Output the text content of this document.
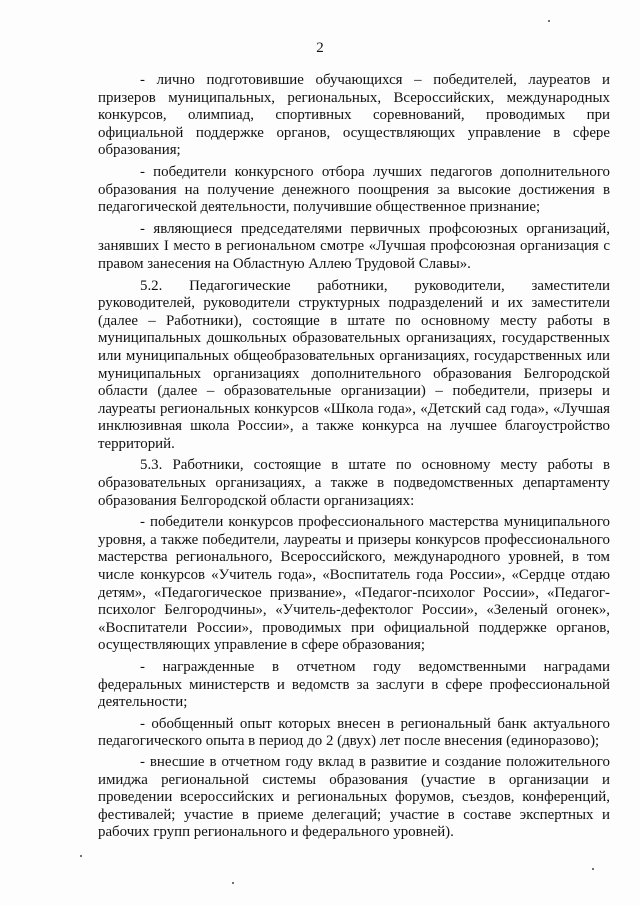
2

- лично подготовившие обучающихся – победителей, лауреатов и призеров муниципальных, региональных, Всероссийских, международных конкурсов, олимпиад, спортивных соревнований, проводимых при официальной поддержке органов, осуществляющих управление в сфере образования;

- победители конкурсного отбора лучших педагогов дополнительного образования на получение денежного поощрения за высокие достижения в педагогической деятельности, получившие общественное признание;

- являющиеся председателями первичных профсоюзных организаций, занявших I место в региональном смотре «Лучшая профсоюзная организация с правом занесения на Областную Аллею Трудовой Славы».

5.2. Педагогические работники, руководители, заместители руководителей, руководители структурных подразделений и их заместители (далее – Работники), состоящие в штате по основному месту работы в муниципальных дошкольных образовательных организациях, государственных или муниципальных общеобразовательных организациях, государственных или муниципальных организациях дополнительного образования Белгородской области (далее – образовательные организации) – победители, призеры и лауреаты региональных конкурсов «Школа года», «Детский сад года», «Лучшая инклюзивная школа России», а также конкурса на лучшее благоустройство территорий.

5.3. Работники, состоящие в штате по основному месту работы в образовательных организациях, а также в подведомственных департаменту образования Белгородской области организациях:

- победители конкурсов профессионального мастерства муниципального уровня, а также победители, лауреаты и призеры конкурсов профессионального мастерства регионального, Всероссийского, международного уровней, в том числе конкурсов «Учитель года», «Воспитатель года России», «Сердце отдаю детям», «Педагогическое призвание», «Педагог-психолог России», «Педагог-психолог Белгородчины», «Учитель-дефектолог России», «Зеленый огонек», «Воспитатели России», проводимых при официальной поддержке органов, осуществляющих управление в сфере образования;

- награжденные в отчетном году ведомственными наградами федеральных министерств и ведомств за заслуги в сфере профессиональной деятельности;

- обобщенный опыт которых внесен в региональный банк актуального педагогического опыта в период до 2 (двух) лет после внесения (единоразово);

- внесшие в отчетном году вклад в развитие и создание положительного имиджа региональной системы образования (участие в организации и проведении всероссийских и региональных форумов, съездов, конференций, фестивалей; участие в приеме делегаций; участие в составе экспертных и рабочих групп регионального и федерального уровней).
